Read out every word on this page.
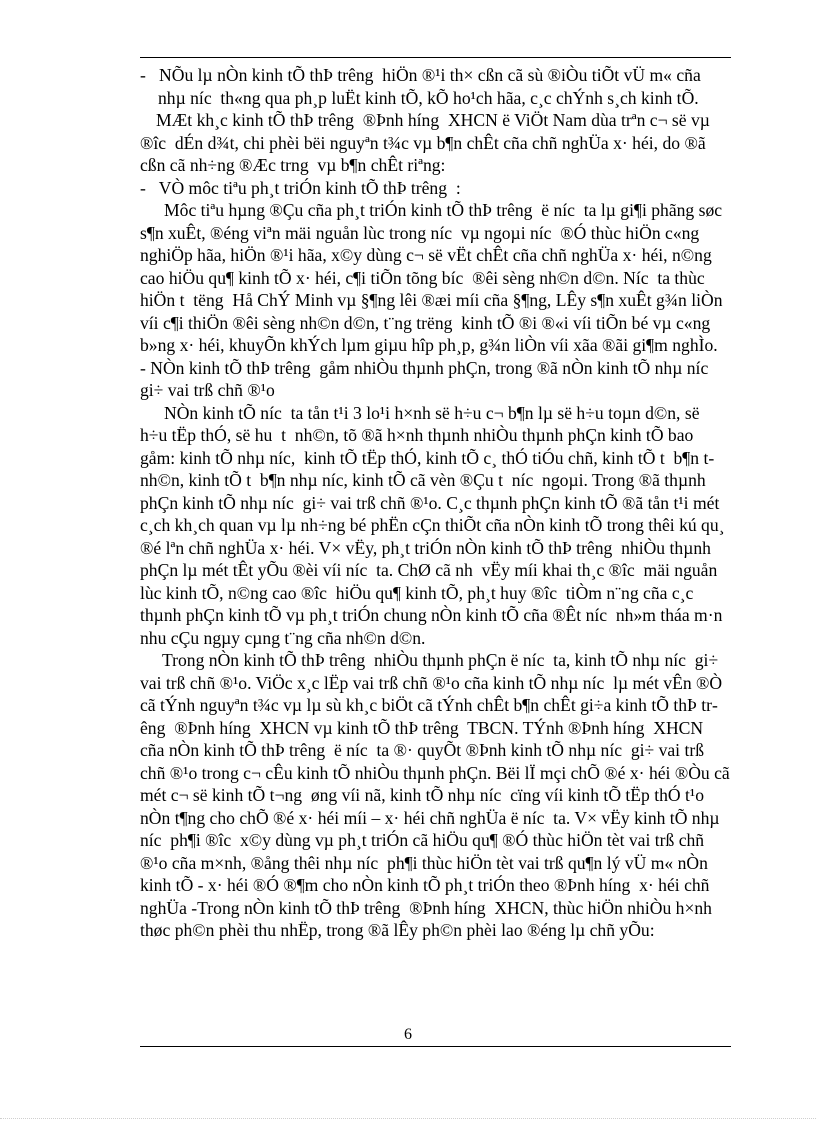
-   NÕu lµ nÒn kinh tÕ thÞ trêng  hiÖn ®¹i th× cßn cã sù ®iÒu tiÕt vÜ m« cña nhµ níc  th«ng qua ph¸p luËt kinh tÕ, kÕ ho¹ch hãa, c¸c chÝnh s¸ch kinh tÕ.

MÆt kh¸c kinh tÕ thÞ trêng  ®Þnh híng  XHCN ë ViÖt Nam dùa trªn c¬ së vµ ®îc  dÉn d¾t, chi phèi bëi nguyªn t¾c vµ b¶n chÊt cña chñ nghÜa x· héi, do ®ã cßn cã nh÷ng ®Æc trng  vµ b¶n chÊt riªng:

-   VÒ môc tiªu ph¸t triÓn kinh tÕ thÞ trêng  :

Môc tiªu hµng ®Çu cña ph¸t triÓn kinh tÕ thÞ trêng  ë níc  ta lµ gi¶i phãng søc s¶n xuÊt, ®éng viªn mäi nguån lùc trong níc  vµ ngoµi níc  ®Ó thùc hiÖn c«ng nghiÖp hãa, hiÖn ®¹i hãa, x©y dùng c¬ së vËt chÊt cña chñ nghÜa x· héi, n©ng cao hiÖu qu¶ kinh tÕ x· héi, c¶i tiÕn tõng bíc  ®êi sèng nh©n d©n. Níc  ta thùc hiÖn t  tëng  Hå ChÝ Minh vµ §¶ng lêi ®æi míi cña §¶ng, LÊy s¶n xuÊt g¾n liÒn víi c¶i thiÖn ®êi sèng nh©n d©n, t¨ng trëng  kinh tÕ ®i ®«i víi tiÕn bé vµ c«ng b»ng x· héi, khuyÕn khÝch lµm giµu hîp ph¸p, g¾n liÒn víi xãa ®ãi gi¶m nghÌo.

- NÒn kinh tÕ thÞ trêng  gåm nhiÒu thµnh phÇn, trong ®ã nÒn kinh tÕ nhµ níc  gi÷ vai trß chñ ®¹o

NÒn kinh tÕ níc  ta tån t¹i 3 lo¹i h×nh së h÷u c¬ b¶n lµ së h÷u toµn d©n, së h÷u tËp thÓ, së hu  t  nh©n, tõ ®ã h×nh thµnh nhiÒu thµnh phÇn kinh tÕ bao gåm: kinh tÕ nhµ níc,  kinh tÕ tËp thÓ, kinh tÕ c¸ thÓ tiÓu chñ, kinh tÕ t  b¶n t  nh©n, kinh tÕ t  b¶n nhµ níc, kinh tÕ cã vèn ®Çu t  níc  ngoµi. Trong ®ã thµnh phÇn kinh tÕ nhµ níc  gi÷ vai trß chñ ®¹o. C¸c thµnh phÇn kinh tÕ ®ã tån t¹i mét c¸ch kh¸ch quan vµ lµ nh÷ng bé phËn cÇn thiÕt cña nÒn kinh tÕ trong thêi kú qu¸ ®é lªn chñ nghÜa x· héi. V× vËy, ph¸t triÓn nÒn kinh tÕ thÞ trêng  nhiÒu thµnh phÇn lµ mét tÊt yÕu ®èi víi níc  ta. ChØ cã nh  vËy míi khai th¸c ®îc  mäi nguån lùc kinh tÕ, n©ng cao ®îc  hiÖu qu¶ kinh tÕ, ph¸t huy ®îc  tiÒm n¨ng cña c¸c thµnh phÇn kinh tÕ vµ ph¸t triÓn chung nÒn kinh tÕ cña ®Êt níc  nh»m tháa m·n nhu cÇu ngµy cµng t¨ng cña nh©n d©n.

Trong nÒn kinh tÕ thÞ trêng  nhiÒu thµnh phÇn ë níc  ta, kinh tÕ nhµ níc  gi÷ vai trß chñ ®¹o. ViÖc x¸c lËp vai trß chñ ®¹o cña kinh tÕ nhµ níc  lµ mét vÊn ®Ò cã tÝnh nguyªn t¾c vµ lµ sù kh¸c biÖt cã tÝnh chÊt b¶n chÊt gi÷a kinh tÕ thÞ trêng  ®Þnh híng  XHCN vµ kinh tÕ thÞ trêng  TBCN. TÝnh ®Þnh híng  XHCN cña nÒn kinh tÕ thÞ trêng  ë níc  ta ®· quyÕt ®Þnh kinh tÕ nhµ níc  gi÷ vai trß chñ ®¹o trong c¬ cÊu kinh tÕ nhiÒu thµnh phÇn. Bëi lÏ mçi chÕ ®é x· héi ®Òu cã mét c¬ së kinh tÕ t¬ng  øng víi nã, kinh tÕ nhµ níc  cïng víi kinh tÕ tËp thÓ t¹o nÒn t¶ng cho chÕ ®é x· héi míi – x· héi chñ nghÜa ë níc  ta. V× vËy kinh tÕ nhµ níc  ph¶i ®îc  x©y dùng vµ ph¸t triÓn cã hiÖu qu¶ ®Ó thùc hiÖn tèt vai trß chñ ®¹o cña m×nh, ®ång thêi nhµ níc  ph¶i thùc hiÖn tèt vai trß qu¶n lý vÜ m« nÒn kinh tÕ - x· héi ®Ó ®¶m cho nÒn kinh tÕ ph¸t triÓn theo ®Þnh híng  x· héi chñ nghÜa -Trong nÒn kinh tÕ thÞ trêng  ®Þnh híng  XHCN, thùc hiÖn nhiÒu h×nh thøc ph©n phèi thu nhËp, trong ®ã lÊy ph©n phèi lao ®éng lµ chñ yÕu:

6
